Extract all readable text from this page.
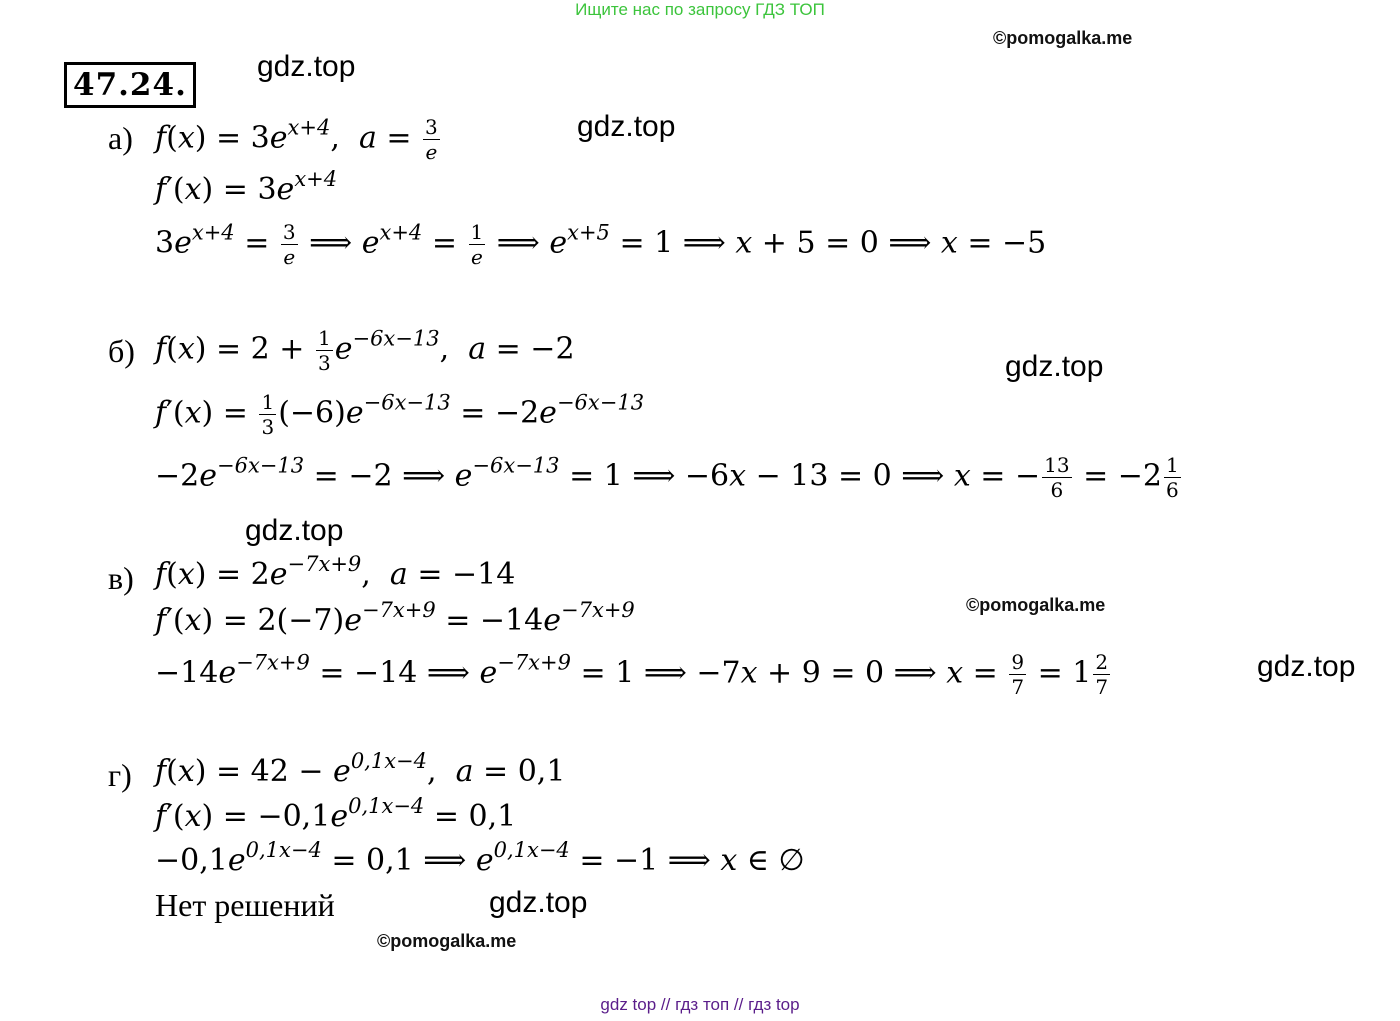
Ищите нас по запросу ГДЗ ТОП
©pomogalka.me
47.24.
gdz.top
gdz.top
gdz.top
gdz.top
gdz.top
gdz.top
©pomogalka.me
©pomogalka.me
а) $f(x) = 3e^{x+4}$,  $a = \frac{3}{e}$
$f'(x) = 3e^{x+4}$
$3e^{x+4} = \frac{3}{e}$ ⟹ $e^{x+4} = \frac{1}{e}$ ⟹ $e^{x+5} = 1$ ⟹ x + 5 = 0 ⟹ x = −5
б) $f(x) = 2 + \frac{1}{3} e^{-6x-13}$,  a = −2
$f'(x) = \frac{1}{3} (-6)e^{-6x-13} = -2e^{-6x-13}$
$-2e^{-6x-13} = -2$ ⟹ $e^{-6x-13} = 1$ ⟹ −6x − 13 = 0 ⟹ x = − $\frac{13}{6} = -2 \frac{1}{6}$
в) $f(x) = 2e^{-7x+9}$,  a = −14
$f'(x) = 2(-7)e^{-7x+9} = -14e^{-7x+9}$
$-14e^{-7x+9} = -14$ ⟹ $e^{-7x+9} = 1$ ⟹ −7x + 9 = 0 ⟹ $x = \frac{9}{7} = 1 \frac{2}{7}$
г) $f(x) = 42 - e^{0,1x-4}$,  a = 0,1
$f'(x) = -0,1e^{0,1x-4} = 0,1$
$-0,1e^{0,1x-4} = 0,1$ ⟹ $e^{0,1x-4} = -1$ ⟹ x ∈ ∅
Нет решений
gdz top // гдз топ // гдз top
